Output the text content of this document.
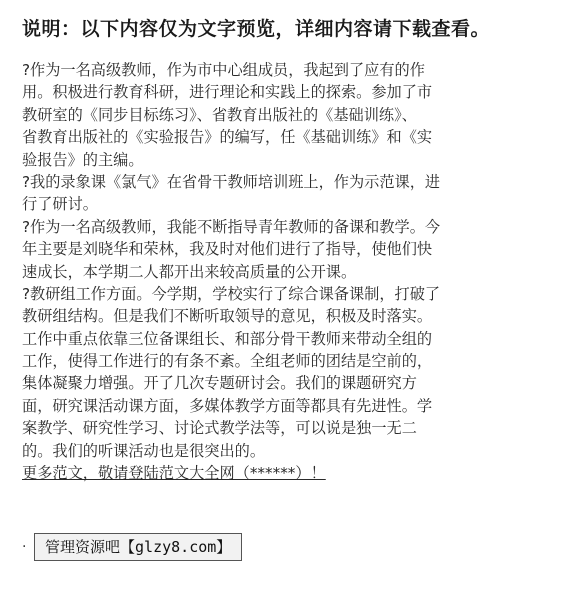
说明：以下内容仅为文字预览，详细内容请下载查看。
?作为一名高级教师，作为市中心组成员，我起到了应有的作
用。积极进行教育科研，进行理论和实践上的探索。参加了市
教研室的《同步目标练习》、省教育出版社的《基础训练》、
省教育出版社的《实验报告》的编写，任《基础训练》和《实
验报告》的主编。
?我的录象课《氯气》在省骨干教师培训班上，作为示范课，进
行了研讨。
?作为一名高级教师，我能不断指导青年教师的备课和教学。今
年主要是刘晓华和荣林，我及时对他们进行了指导，使他们快
速成长，本学期二人都开出来较高质量的公开课。
?教研组工作方面。今学期，学校实行了综合课备课制，打破了
教研组结构。但是我们不断听取领导的意见，积极及时落实。
工作中重点依靠三位备课组长、和部分骨干教师来带动全组的
工作，使得工作进行的有条不紊。全组老师的团结是空前的，
集体凝聚力增强。开了几次专题研讨会。我们的课题研究方
面，研究课活动课方面，多媒体教学方面等都具有先进性。学
案教学、研究性学习、讨论式教学法等，可以说是独一无二
的。我们的听课活动也是很突出的。
更多范文，敬请登陆范文大全网（******）！
·	管理资源吧【glzy8.com】
